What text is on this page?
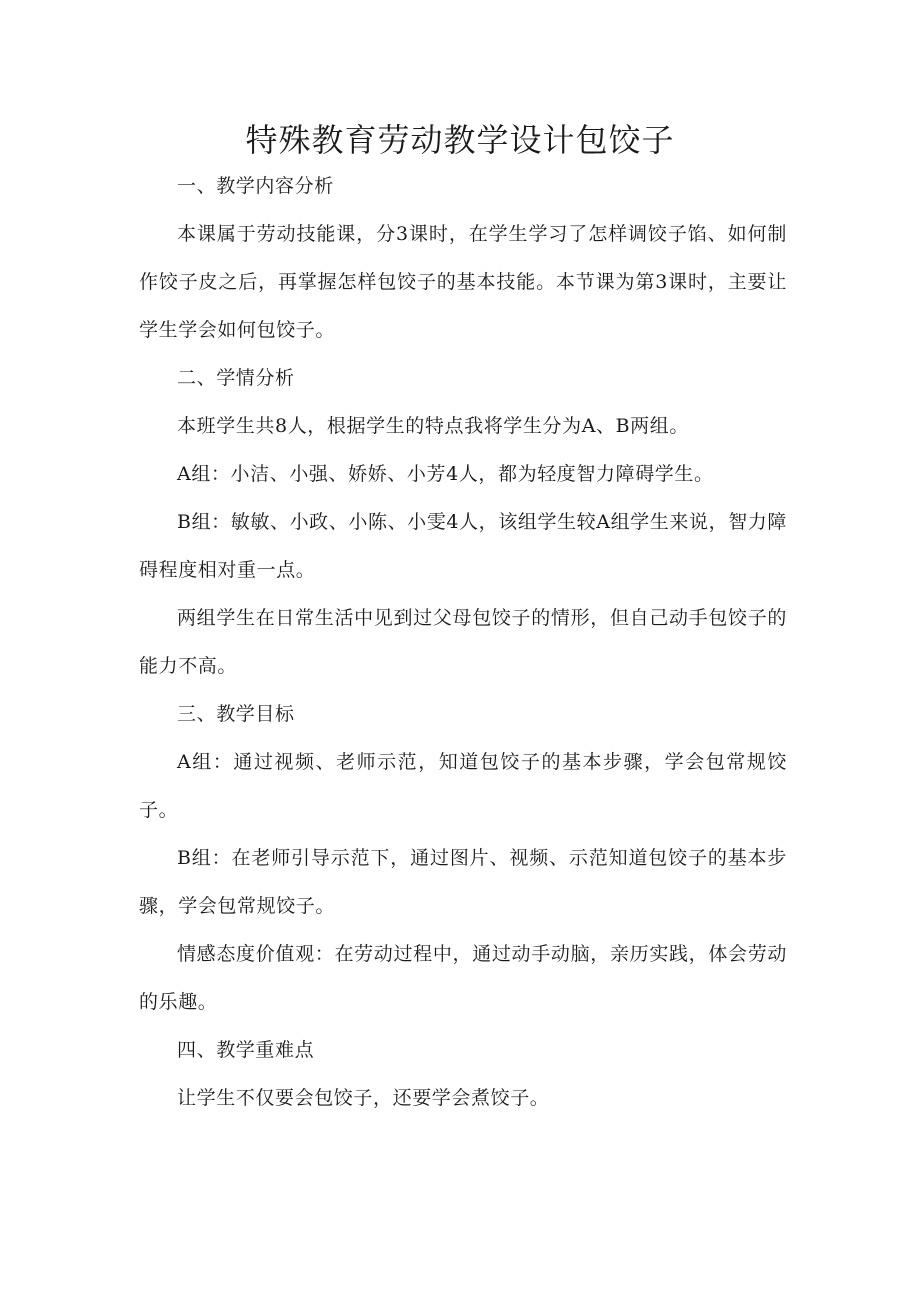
特殊教育劳动教学设计包饺子

一、教学内容分析

本课属于劳动技能课，分3课时，在学生学习了怎样调饺子馅、如何制作饺子皮之后，再掌握怎样包饺子的基本技能。本节课为第3课时，主要让学生学会如何包饺子。

二、学情分析

本班学生共8人，根据学生的特点我将学生分为A、B两组。

A组：小洁、小强、娇娇、小芳4人，都为轻度智力障碍学生。

B组：敏敏、小政、小陈、小雯4人，该组学生较A组学生来说，智力障碍程度相对重一点。

两组学生在日常生活中见到过父母包饺子的情形，但自己动手包饺子的能力不高。

三、教学目标

A组：通过视频、老师示范，知道包饺子的基本步骤，学会包常规饺子。

B组：在老师引导示范下，通过图片、视频、示范知道包饺子的基本步骤，学会包常规饺子。

情感态度价值观：在劳动过程中，通过动手动脑，亲历实践，体会劳动的乐趣。

四、教学重难点

让学生不仅要会包饺子，还要学会煮饺子。
